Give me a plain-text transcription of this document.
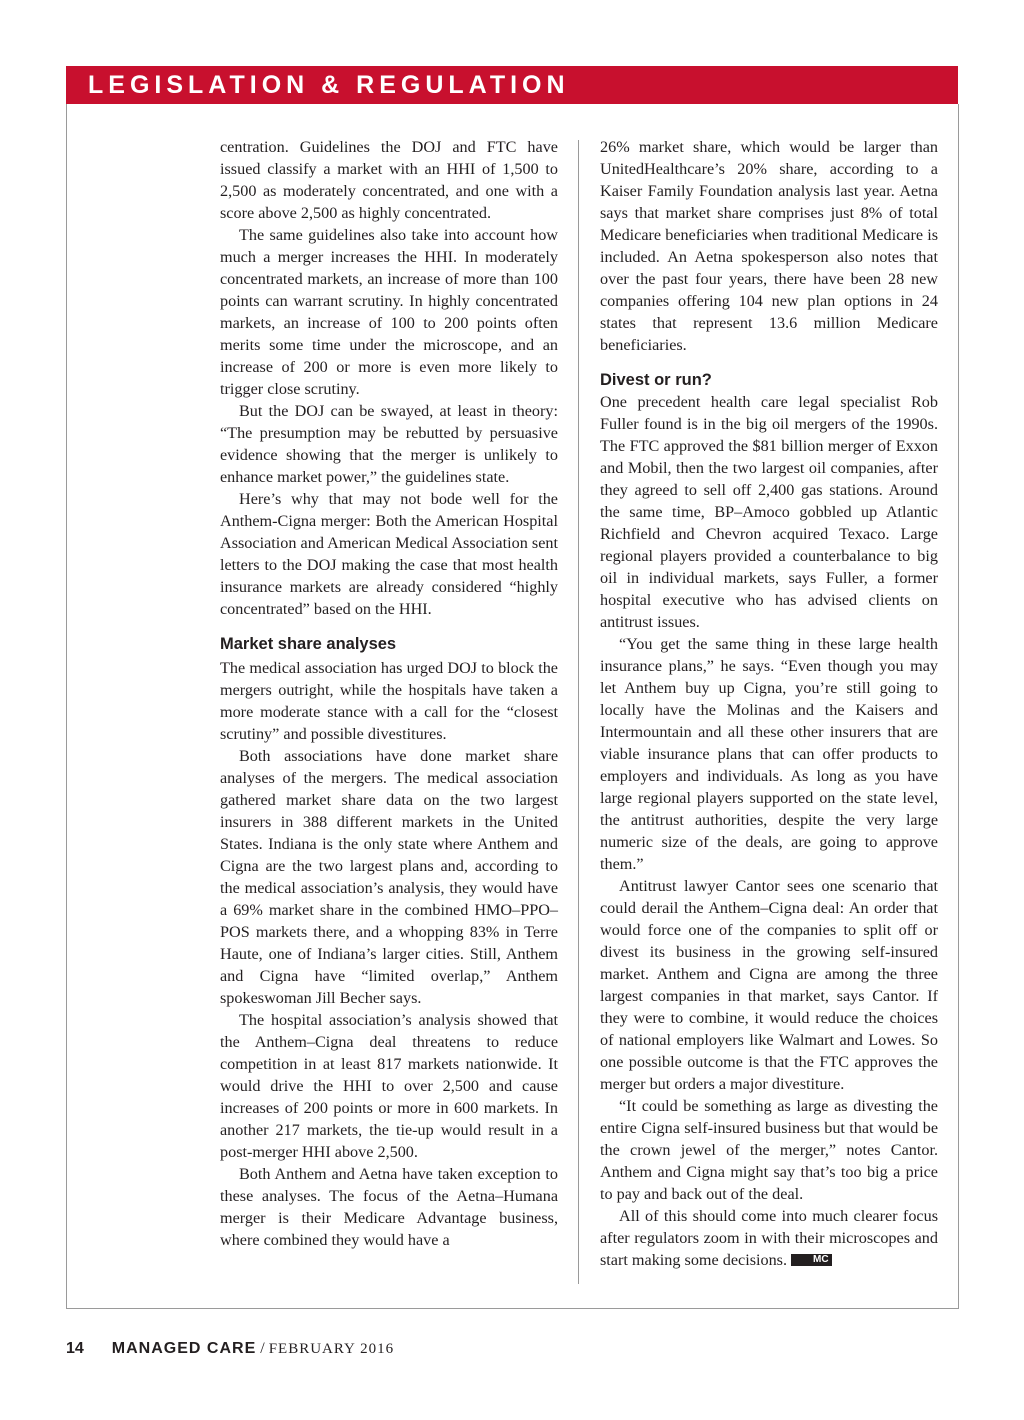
LEGISLATION & REGULATION

centration. Guidelines the DOJ and FTC have issued classify a market with an HHI of 1,500 to 2,500 as moderately concentrated, and one with a score above 2,500 as highly concentrated.

The same guidelines also take into account how much a merger increases the HHI. In moderately concentrated markets, an increase of more than 100 points can warrant scrutiny. In highly concentrated markets, an increase of 100 to 200 points often merits some time under the microscope, and an increase of 200 or more is even more likely to trigger close scrutiny.

But the DOJ can be swayed, at least in theory: “The presumption may be rebutted by persuasive evidence showing that the merger is unlikely to enhance market power,” the guidelines state.

Here’s why that may not bode well for the Anthem-Cigna merger: Both the American Hospital Association and American Medical Association sent letters to the DOJ making the case that most health insurance markets are already considered “highly concentrated” based on the HHI.

Market share analyses

The medical association has urged DOJ to block the mergers outright, while the hospitals have taken a more moderate stance with a call for the “closest scrutiny” and possible divestitures.

Both associations have done market share analyses of the mergers. The medical association gathered market share data on the two largest insurers in 388 different markets in the United States. Indiana is the only state where Anthem and Cigna are the two largest plans and, according to the medical association’s analysis, they would have a 69% market share in the combined HMO–PPO–POS markets there, and a whopping 83% in Terre Haute, one of Indiana’s larger cities. Still, Anthem and Cigna have “limited overlap,” Anthem spokeswoman Jill Becher says.

The hospital association’s analysis showed that the Anthem–Cigna deal threatens to reduce competition in at least 817 markets nationwide. It would drive the HHI to over 2,500 and cause increases of 200 points or more in 600 markets. In another 217 markets, the tie-up would result in a post-merger HHI above 2,500.

Both Anthem and Aetna have taken exception to these analyses. The focus of the Aetna–Humana merger is their Medicare Advantage business, where combined they would have a

26% market share, which would be larger than UnitedHealthcare’s 20% share, according to a Kaiser Family Foundation analysis last year. Aetna says that market share comprises just 8% of total Medicare beneficiaries when traditional Medicare is included. An Aetna spokesperson also notes that over the past four years, there have been 28 new companies offering 104 new plan options in 24 states that represent 13.6 million Medicare beneficiaries.

Divest or run?

One precedent health care legal specialist Rob Fuller found is in the big oil mergers of the 1990s. The FTC approved the $81 billion merger of Exxon and Mobil, then the two largest oil companies, after they agreed to sell off 2,400 gas stations. Around the same time, BP–Amoco gobbled up Atlantic Richfield and Chevron acquired Texaco. Large regional players provided a counterbalance to big oil in individual markets, says Fuller, a former hospital executive who has advised clients on antitrust issues.

“You get the same thing in these large health insurance plans,” he says. “Even though you may let Anthem buy up Cigna, you’re still going to locally have the Molinas and the Kaisers and Intermountain and all these other insurers that are viable insurance plans that can offer products to employers and individuals. As long as you have large regional players supported on the state level, the antitrust authorities, despite the very large numeric size of the deals, are going to approve them.”

Antitrust lawyer Cantor sees one scenario that could derail the Anthem–Cigna deal: An order that would force one of the companies to split off or divest its business in the growing self-insured market. Anthem and Cigna are among the three largest companies in that market, says Cantor. If they were to combine, it would reduce the choices of national employers like Walmart and Lowes. So one possible outcome is that the FTC approves the merger but orders a major divestiture.

“It could be something as large as divesting the entire Cigna self-insured business but that would be the crown jewel of the merger,” notes Cantor. Anthem and Cigna might say that’s too big a price to pay and back out of the deal.

All of this should come into much clearer focus after regulators zoom in with their microscopes and start making some decisions.	MC

14 MANAGED CARE / FEBRUARY 2016
